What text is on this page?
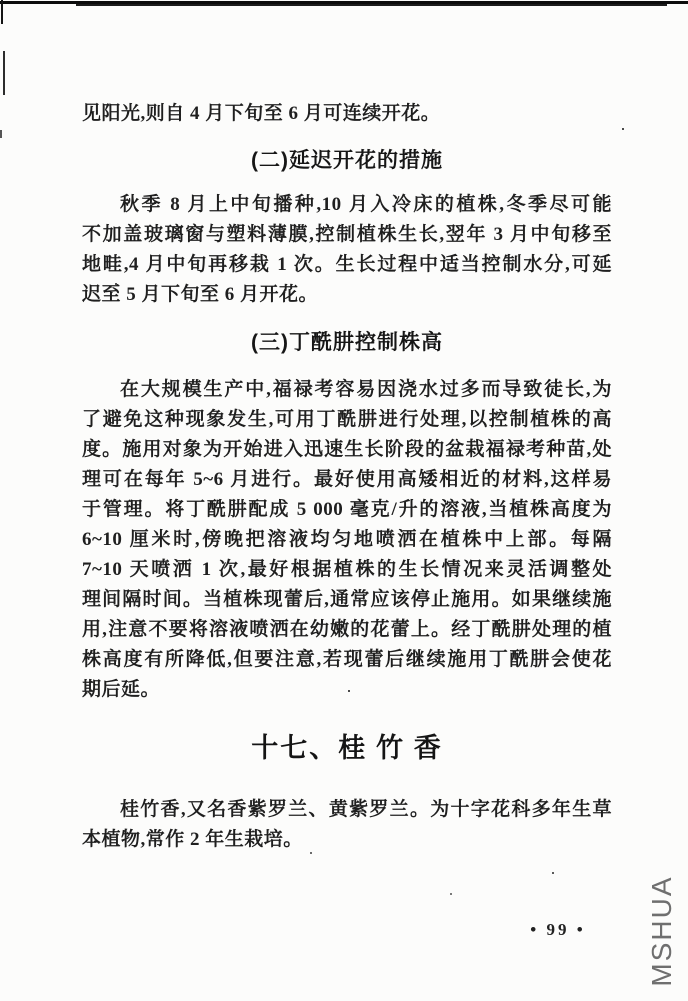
见阳光,则自 4 月下旬至 6 月可连续开花。
(二)延迟开花的措施
秋季 8 月上中旬播种,10 月入冷床的植株,冬季尽可能
不加盖玻璃窗与塑料薄膜,控制植株生长,翌年 3 月中旬移至
地畦,4 月中旬再移栽 1 次。生长过程中适当控制水分,可延
迟至 5 月下旬至 6 月开花。
(三)丁酰肼控制株高
在大规模生产中,福禄考容易因浇水过多而导致徒长,为
了避免这种现象发生,可用丁酰肼进行处理,以控制植株的高
度。施用对象为开始进入迅速生长阶段的盆栽福禄考种苗,处
理可在每年 5~6 月进行。最好使用高矮相近的材料,这样易
于管理。将丁酰肼配成 5 000 毫克/升的溶液,当植株高度为
6~10 厘米时,傍晚把溶液均匀地喷洒在植株中上部。每隔
7~10 天喷洒 1 次,最好根据植株的生长情况来灵活调整处
理间隔时间。当植株现蕾后,通常应该停止施用。如果继续施
用,注意不要将溶液喷洒在幼嫩的花蕾上。经丁酰肼处理的植
株高度有所降低,但要注意,若现蕾后继续施用丁酰肼会使花
期后延。
十七、桂 竹 香
桂竹香,又名香紫罗兰、黄紫罗兰。为十字花科多年生草
本植物,常作 2 年生栽培。
• 99 •	MSHUA
